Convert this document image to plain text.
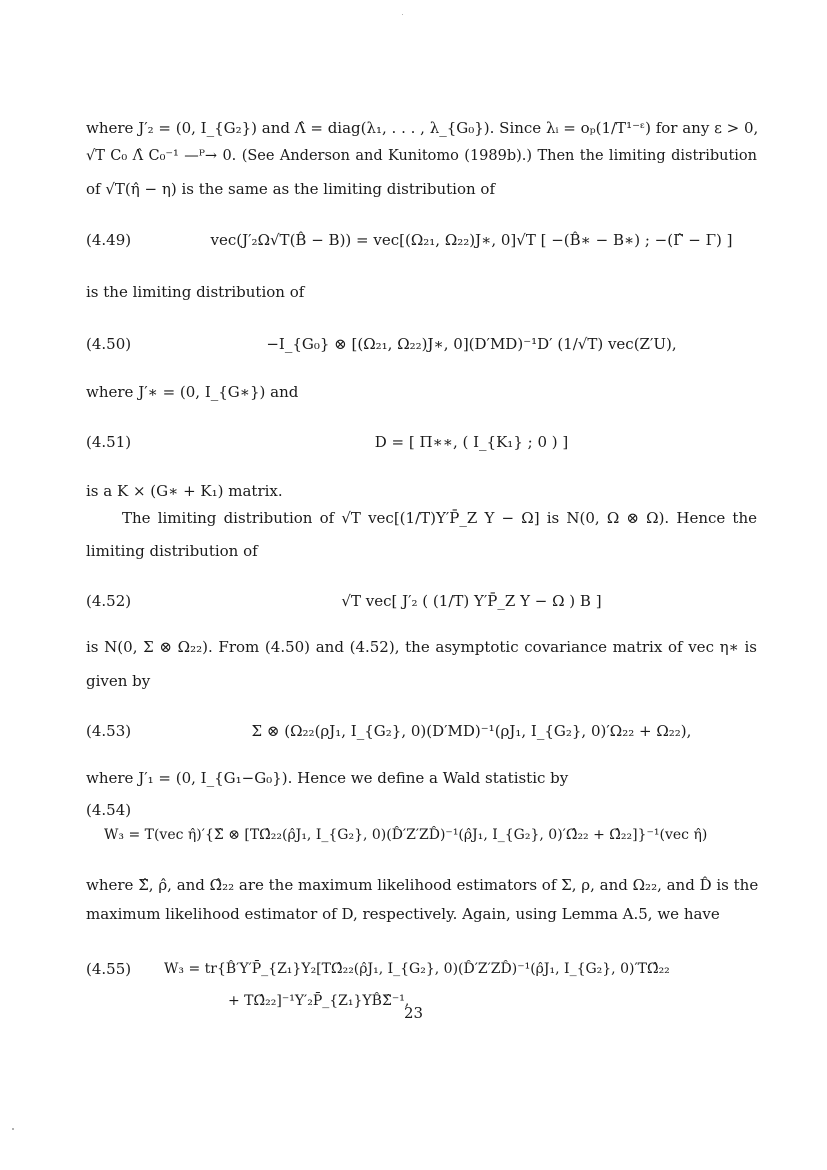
where J′₂ = (0, I_{G₂}) and Λ̂ = diag(λ₁, . . . , λ_{G₀}). Since λᵢ = oₚ(1/T¹⁻ᵋ) for any ε > 0,
√T C₀ Λ̂ C₀⁻¹ —ᴾ→ 0. (See Anderson and Kunitomo (1989b).) Then the limiting distribution
of √T(η̂ − η) is the same as the limiting distribution of
(4.49)	vec(J′₂Ω√T(B̂ − B)) = vec[(Ω₂₁, Ω₂₂)J∗, 0]√T [ −(B̂∗ − B∗) ; −(Γ̂ − Γ) ]
is the limiting distribution of
(4.50)	−I_{G₀} ⊗ [(Ω₂₁, Ω₂₂)J∗, 0](D′MD)⁻¹D′ (1/√T) vec(Z′U),
where J′∗ = (0, I_{G∗}) and
(4.51)	D = [ Π∗∗, ( I_{K₁} ; 0 ) ]
is a K × (G∗ + K₁) matrix.
The limiting distribution of √T vec[(1/T)Y′P̄_Z Y − Ω] is N(0, Ω ⊗ Ω). Hence the
limiting distribution of
(4.52)	√T vec[ J′₂ ( (1/T) Y′P̄_Z Y − Ω ) B ]
is N(0, Σ ⊗ Ω₂₂). From (4.50) and (4.52), the asymptotic covariance matrix of vec η∗ is
given by
(4.53)	Σ ⊗ (Ω₂₂(ρJ₁, I_{G₂}, 0)(D′MD)⁻¹(ρJ₁, I_{G₂}, 0)′Ω₂₂ + Ω₂₂),
where J′₁ = (0, I_{G₁−G₀}). Hence we define a Wald statistic by
(4.54)
W₃ = T(vec η̂)′{Σ̂ ⊗ [TΩ̂₂₂(ρ̂J₁, I_{G₂}, 0)(D̂′Z′ZD̂)⁻¹(ρ̂J₁, I_{G₂}, 0)′Ω̂₂₂ + Ω̂₂₂]}⁻¹(vec η̂)
where Σ̂, ρ̂, and Ω̂₂₂ are the maximum likelihood estimators of Σ, ρ, and Ω₂₂, and D̂ is the
maximum likelihood estimator of D, respectively. Again, using Lemma A.5, we have
(4.55)	W₃ = tr{B̂′Y′P̄_{Z₁}Y₂[TΩ̂₂₂(ρ̂J₁, I_{G₂}, 0)(D̂′Z′ZD̂)⁻¹(ρ̂J₁, I_{G₂}, 0)′TΩ̂₂₂
+ TΩ̂₂₂]⁻¹Y′₂P̄_{Z₁}YB̂Σ̂⁻¹,
23
